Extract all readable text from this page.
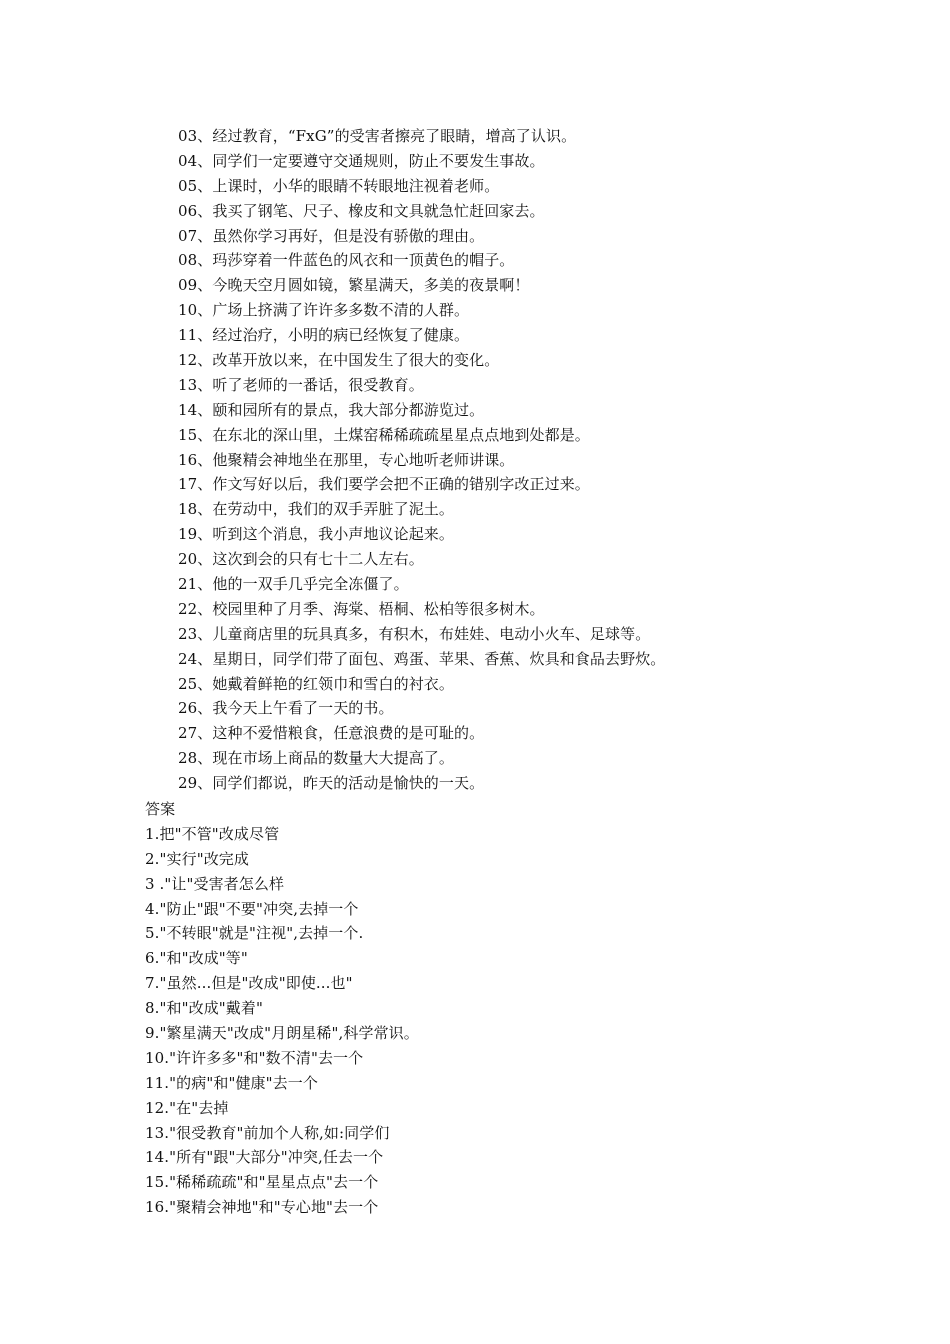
03、经过教育，“FxG”的受害者擦亮了眼睛，增高了认识。
04、同学们一定要遵守交通规则，防止不要发生事故。
05、上课时，小华的眼睛不转眼地注视着老师。
06、我买了钢笔、尺子、橡皮和文具就急忙赶回家去。
07、虽然你学习再好，但是没有骄傲的理由。
08、玛莎穿着一件蓝色的风衣和一顶黄色的帽子。
09、今晚天空月圆如镜，繁星满天，多美的夜景啊！
10、广场上挤满了许许多多数不清的人群。
11、经过治疗，小明的病已经恢复了健康。
12、改革开放以来，在中国发生了很大的变化。
13、听了老师的一番话，很受教育。
14、颐和园所有的景点，我大部分都游览过。
15、在东北的深山里，土煤窑稀稀疏疏星星点点地到处都是。
16、他聚精会神地坐在那里，专心地听老师讲课。
17、作文写好以后，我们要学会把不正确的错别字改正过来。
18、在劳动中，我们的双手弄脏了泥土。
19、听到这个消息，我小声地议论起来。
20、这次到会的只有七十二人左右。
21、他的一双手几乎完全冻僵了。
22、校园里种了月季、海棠、梧桐、松柏等很多树木。
23、儿童商店里的玩具真多，有积木，布娃娃、电动小火车、足球等。
24、星期日，同学们带了面包、鸡蛋、苹果、香蕉、炊具和食品去野炊。
25、她戴着鲜艳的红领巾和雪白的衬衣。
26、我今天上午看了一天的书。
27、这种不爱惜粮食，任意浪费的是可耻的。
28、现在市场上商品的数量大大提高了。
29、同学们都说，昨天的活动是愉快的一天。
答案
1.把"不管"改成尽管
2."实行"改完成
3 ."让"受害者怎么样
4."防止"跟"不要"冲突,去掉一个
5."不转眼"就是"注视",去掉一个.
6."和"改成"等"
7."虽然...但是"改成"即使...也"
8."和"改成"戴着"
9."繁星满天"改成"月朗星稀",科学常识。
10."许许多多"和"数不清"去一个
11."的病"和"健康"去一个
12."在"去掉
13."很受教育"前加个人称,如:同学们
14."所有"跟"大部分"冲突,任去一个
15."稀稀疏疏"和"星星点点"去一个
16."聚精会神地"和"专心地"去一个
